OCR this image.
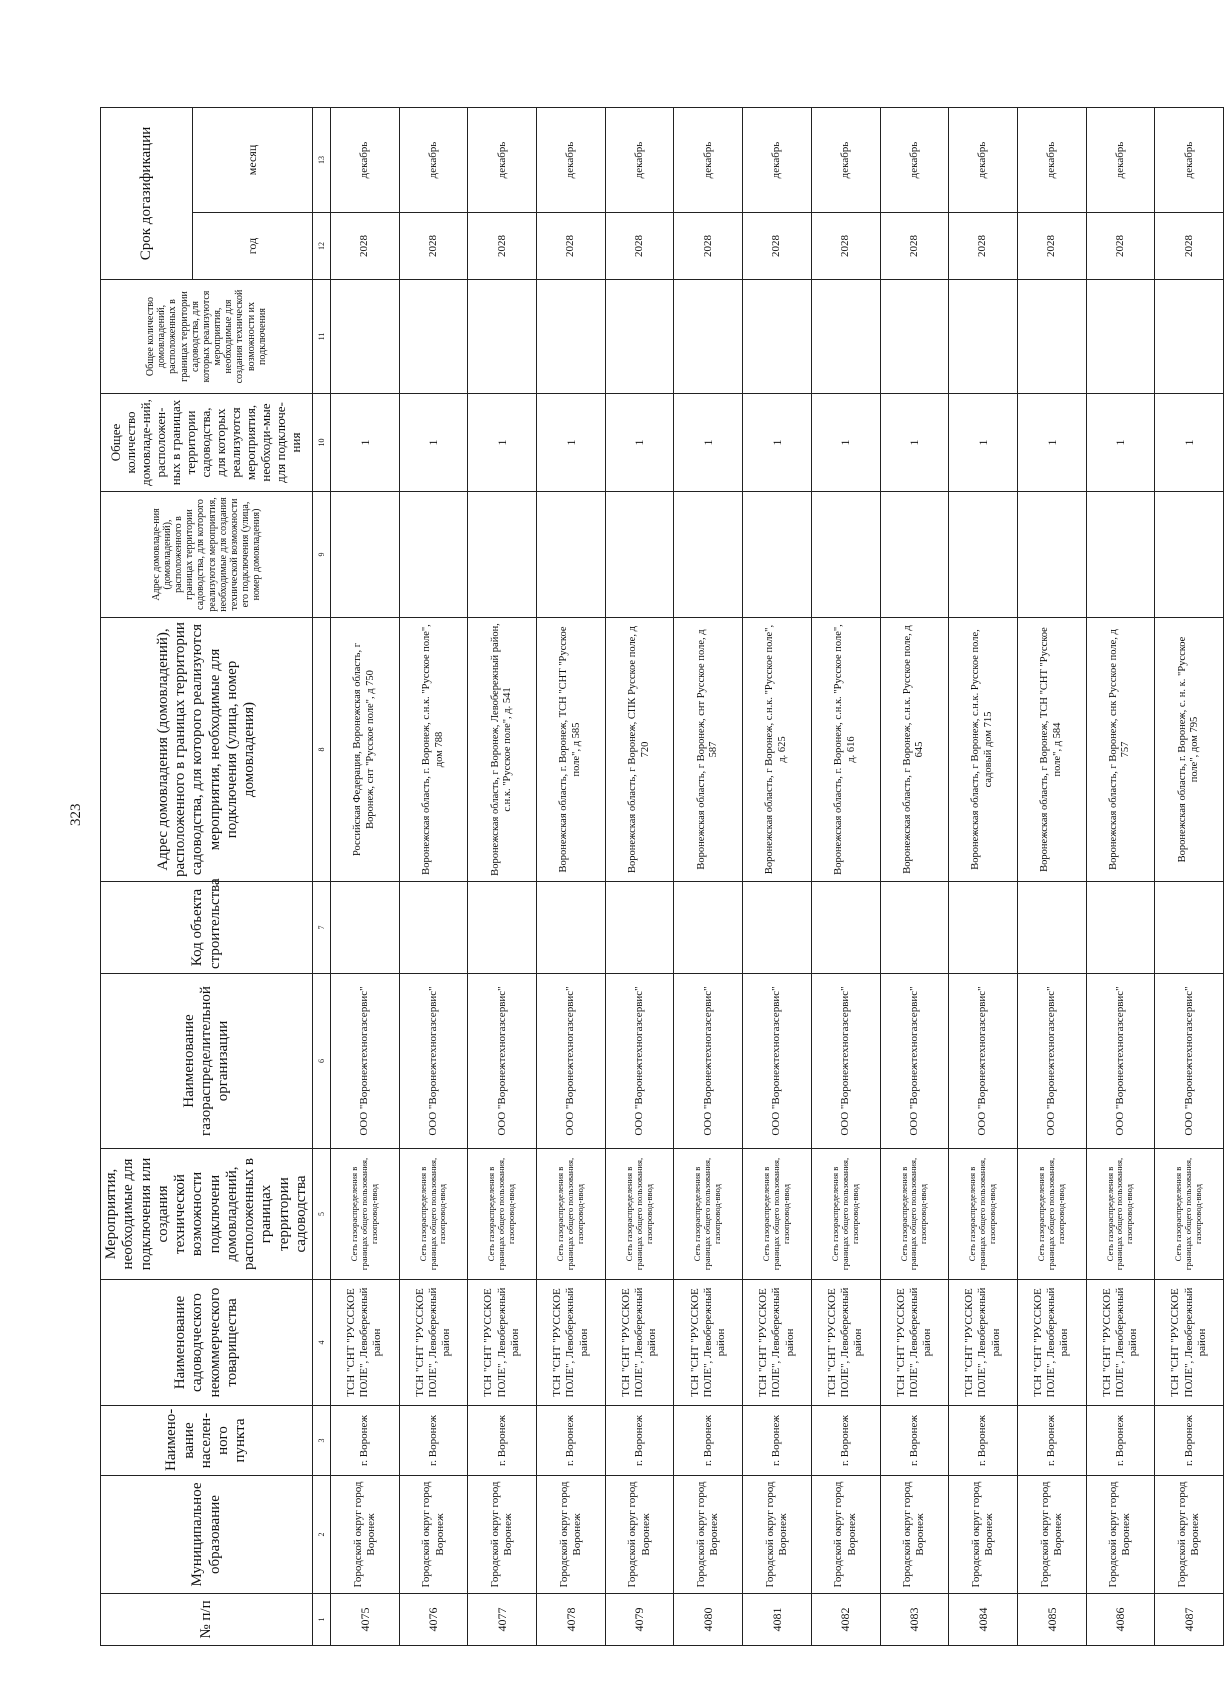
323
№ п/п	Муниципальное образование	Наимено-вание населен-ного пункта	Наименование садоводческого некоммерческого товарищества	Мероприятия, необходимые для подключения или создания технической возможности подключени домовладений, расположенных в границах территории садоводства	Наименование газораспределительной организации	Код объекта строительства	Адрес домовладения (домовладений), расположенного в границах территории садоводства, для которого реализуются мероприятия, необходимые для подключения (улица, номер домовладения)	Адрес домовладе-ния (домовладений), расположенного в границах территории садоводства, для которого реализуются мероприятия, необходимые для создания технической возможности его подключения (улица, номер домовладения)	Общее количество домовладе-ний, расположен-ных в границах территории садоводства, для которых реализуются мероприятия, необходи-мые для подключе-ния	Общее количество домовладений, расположенных в границах территории садоводства, для которых реализуются мероприятия, необходимые для создания технической возможности их подключения	Срок догазификации	
											год	месяц
1	2	3	4	5	6	7	8	9	10	11	12	13
4075	Городской округ город Воронеж	г. Воронеж	ТСН "СНТ "РУССКОЕ ПОЛЕ", Левобережный район	Сеть газораспределения в границах общего пользования, газопровод-ввод	ООО "Воронежтехногазсервис"		Российская Федерация, Воронежская область, г Воронеж, снт "Русское поле", д 750		1		2028	декабрь
4076	Городской округ город Воронеж	г. Воронеж	ТСН "СНТ "РУССКОЕ ПОЛЕ", Левобережный район	Сеть газораспределения в границах общего пользования, газопровод-ввод	ООО "Воронежтехногазсервис"		Воронежская область, г. Воронеж, с.н.к. "Русское поле", дом 788		1		2028	декабрь
4077	Городской округ город Воронеж	г. Воронеж	ТСН "СНТ "РУССКОЕ ПОЛЕ", Левобережный район	Сеть газораспределения в границах общего пользования, газопровод-ввод	ООО "Воронежтехногазсервис"		Воронежская область, г Воронеж, Левобережный район, с.н.к. "Русское поле", д. 541		1		2028	декабрь
4078	Городской округ город Воронеж	г. Воронеж	ТСН "СНТ "РУССКОЕ ПОЛЕ", Левобережный район	Сеть газораспределения в границах общего пользования, газопровод-ввод	ООО "Воронежтехногазсервис"		Воронежская область, г. Воронеж, ТСН "СНТ "Русское поле", д 585		1		2028	декабрь
4079	Городской округ город Воронеж	г. Воронеж	ТСН "СНТ "РУССКОЕ ПОЛЕ", Левобережный район	Сеть газораспределения в границах общего пользования, газопровод-ввод	ООО "Воронежтехногазсервис"		Воронежская область, г Воронеж, СПК Русское поле, д 720		1		2028	декабрь
4080	Городской округ город Воронеж	г. Воронеж	ТСН "СНТ "РУССКОЕ ПОЛЕ", Левобережный район	Сеть газораспределения в границах общего пользования, газопровод-ввод	ООО "Воронежтехногазсервис"		Воронежская область, г Воронеж, снт Русское поле, д 587		1		2028	декабрь
4081	Городской округ город Воронеж	г. Воронеж	ТСН "СНТ "РУССКОЕ ПОЛЕ", Левобережный район	Сеть газораспределения в границах общего пользования, газопровод-ввод	ООО "Воронежтехногазсервис"		Воронежская область, г Воронеж, с.н.к. "Русское поле", д. 625		1		2028	декабрь
4082	Городской округ город Воронеж	г. Воронеж	ТСН "СНТ "РУССКОЕ ПОЛЕ", Левобережный район	Сеть газораспределения в границах общего пользования, газопровод-ввод	ООО "Воронежтехногазсервис"		Воронежская область, г. Воронеж, с.н.к. "Русское поле", д. 616		1		2028	декабрь
4083	Городской округ город Воронеж	г. Воронеж	ТСН "СНТ "РУССКОЕ ПОЛЕ", Левобережный район	Сеть газораспределения в границах общего пользования, газопровод-ввод	ООО "Воронежтехногазсервис"		Воронежская область, г Воронеж, с.н.к. Русское поле, д 645		1		2028	декабрь
4084	Городской округ город Воронеж	г. Воронеж	ТСН "СНТ "РУССКОЕ ПОЛЕ", Левобережный район	Сеть газораспределения в границах общего пользования, газопровод-ввод	ООО "Воронежтехногазсервис"		Воронежская область, г Воронеж, с.н.к. Русское поле, садовый дом 715		1		2028	декабрь
4085	Городской округ город Воронеж	г. Воронеж	ТСН "СНТ "РУССКОЕ ПОЛЕ", Левобережный район	Сеть газораспределения в границах общего пользования, газопровод-ввод	ООО "Воронежтехногазсервис"		Воронежская область, г Воронеж, ТСН "СНТ "Русское поле", д 584		1		2028	декабрь
4086	Городской округ город Воронеж	г. Воронеж	ТСН "СНТ "РУССКОЕ ПОЛЕ", Левобережный район	Сеть газораспределения в границах общего пользования, газопровод-ввод	ООО "Воронежтехногазсервис"		Воронежская область, г Воронеж, снк Русское поле, д 757		1		2028	декабрь
4087	Городской округ город Воронеж	г. Воронеж	ТСН "СНТ "РУССКОЕ ПОЛЕ", Левобережный район	Сеть газораспределения в границах общего пользования, газопровод-ввод	ООО "Воронежтехногазсервис"		Воронежская область, г. Воронеж, с. н. к. "Русское поле", дом 795		1		2028	декабрь
